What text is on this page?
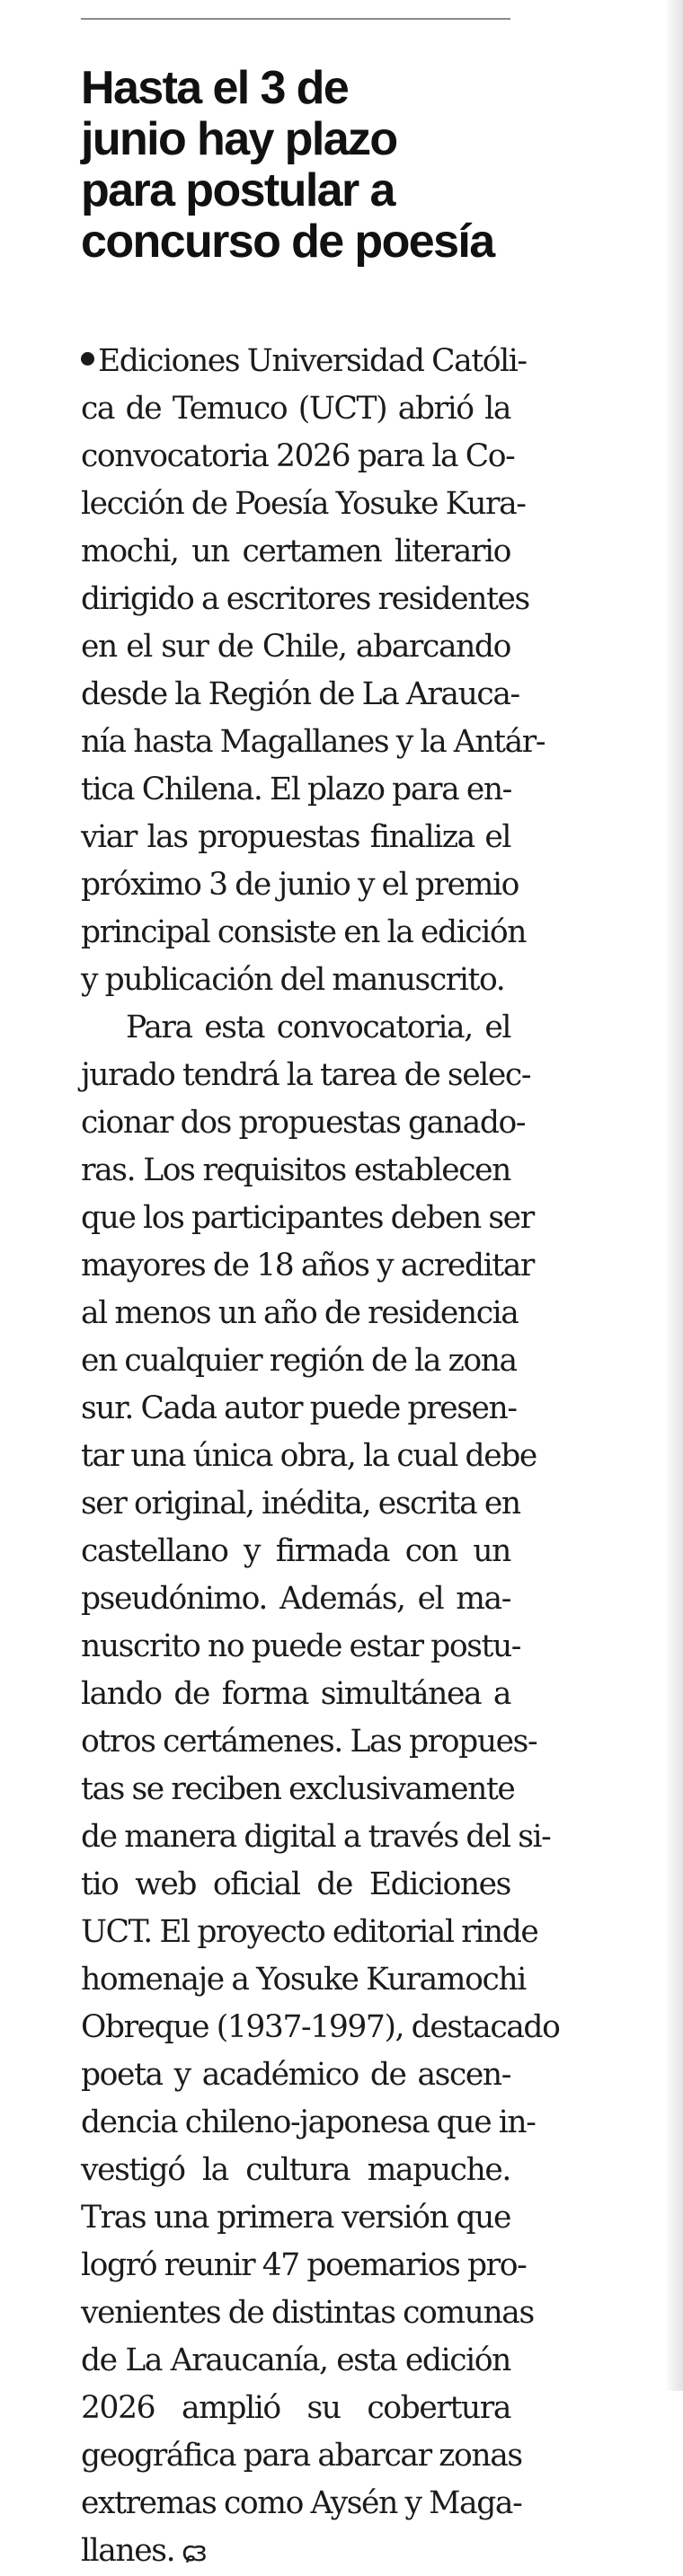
Hasta el 3 de
junio hay plazo
para postular a
concurso de poesía
Ediciones Universidad Católi-
ca de Temuco (UCT) abrió la
convocatoria 2026 para la Co-
lección de Poesía Yosuke Kura-
mochi, un certamen literario
dirigido a escritores residentes
en el sur de Chile, abarcando
desde la Región de La Arauca-
nía hasta Magallanes y la Antár-
tica Chilena. El plazo para en-
viar las propuestas finaliza el
próximo 3 de junio y el premio
principal consiste en la edición
y publicación del manuscrito.
Para esta convocatoria, el
jurado tendrá la tarea de selec-
cionar dos propuestas ganado-
ras. Los requisitos establecen
que los participantes deben ser
mayores de 18 años y acreditar
al menos un año de residencia
en cualquier región de la zona
sur. Cada autor puede presen-
tar una única obra, la cual debe
ser original, inédita, escrita en
castellano y firmada con un
pseudónimo. Además, el ma-
nuscrito no puede estar postu-
lando de forma simultánea a
otros certámenes. Las propues-
tas se reciben exclusivamente
de manera digital a través del si-
tio web oficial de Ediciones
UCT. El proyecto editorial rinde
homenaje a Yosuke Kuramochi
Obreque (1937-1997), destacado
poeta y académico de ascen-
dencia chileno-japonesa que in-
vestigó la cultura mapuche.
Tras una primera versión que
logró reunir 47 poemarios pro-
venientes de distintas comunas
de La Araucanía, esta edición
2026 amplió su cobertura
geográfica para abarcar zonas
extremas como Aysén y Maga-
llanes. ɕɜ
